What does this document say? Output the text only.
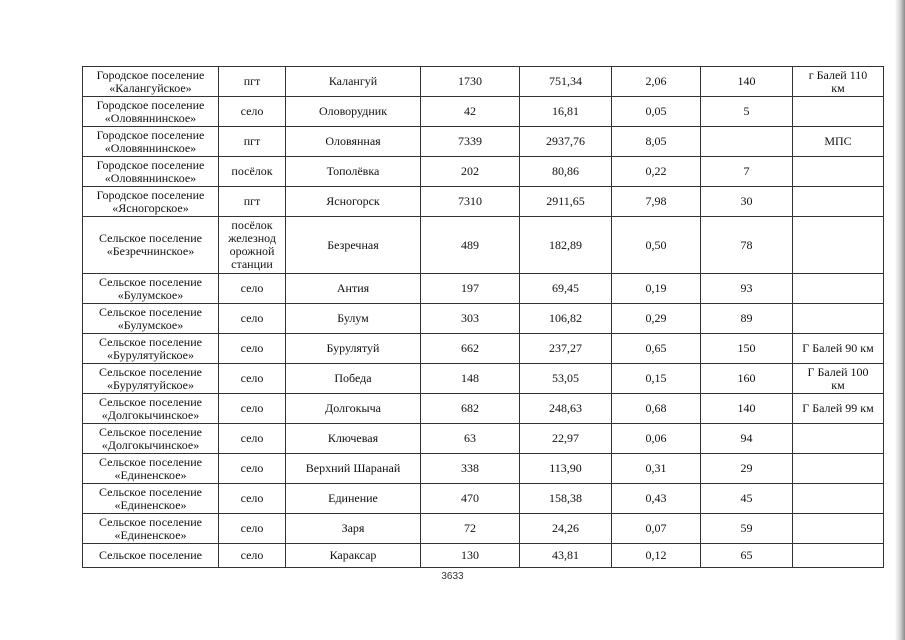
Городское поселение
«Калангуйское»	пгт	Калангуй	1730	751,34	2,06	140	г Балей 110
км
Городское поселение
«Оловяннинское»	село	Оловорудник	42	16,81	0,05	5	
Городское поселение
«Оловяннинское»	пгт	Оловянная	7339	2937,76	8,05		МПС
Городское поселение
«Оловяннинское»	посёлок	Тополёвка	202	80,86	0,22	7	
Городское поселение
«Ясногорское»	пгт	Ясногорск	7310	2911,65	7,98	30	
Сельское поселение
«Безречнинское»	посёлок
железнод
орожной
станции	Безречная	489	182,89	0,50	78	
Сельское поселение
«Булумское»	село	Антия	197	69,45	0,19	93	
Сельское поселение
«Булумское»	село	Булум	303	106,82	0,29	89	
Сельское поселение
«Бурулятуйское»	село	Бурулятуй	662	237,27	0,65	150	Г Балей 90 км
Сельское поселение
«Бурулятуйское»	село	Победа	148	53,05	0,15	160	Г Балей 100
км
Сельское поселение
«Долгокычинское»	село	Долгокыча	682	248,63	0,68	140	Г Балей 99 км
Сельское поселение
«Долгокычинское»	село	Ключевая	63	22,97	0,06	94	
Сельское поселение
«Единенское»	село	Верхний Шаранай	338	113,90	0,31	29	
Сельское поселение
«Единенское»	село	Единение	470	158,38	0,43	45	
Сельское поселение
«Единенское»	село	Заря	72	24,26	0,07	59	
Сельское поселение	село	Караксар	130	43,81	0,12	65	
3633
